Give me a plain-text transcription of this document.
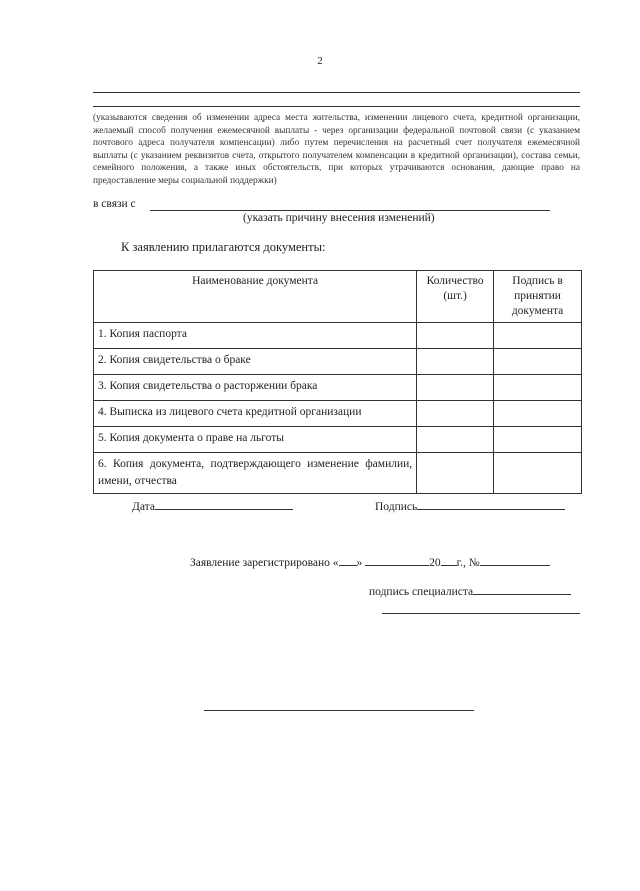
2
(указываются сведения об изменении адреса места жительства, изменении лицевого счета, кредитной организации, желаемый способ получения ежемесячной выплаты - через организации федеральной почтовой связи (с указанием почтового адреса получателя компенсации) либо путем перечисления на расчетный счет получателя ежемесячной выплаты (с указанием реквизитов счета, открытого получателем компенсации в кредитной организации), состава семьи, семейного положения, а также иных обстоятельств, при которых утрачиваются основания, дающие право на предоставление меры социальной поддержки)
в связи с
(указать причину внесения изменений)
К заявлению прилагаются документы:
Наименование документа	Количество (шт.)	Подпись в принятии документа
1. Копия паспорта		
2. Копия свидетельства о браке		
3. Копия свидетельства о расторжении брака		
4. Выписка из лицевого счета кредитной организации		
5. Копия документа о праве на льготы		
6. Копия документа, подтверждающего изменение фамилии, имени, отчества		
Дата	Подпись
Заявление зарегистрировано « »	20 г., №
подпись специалиста
